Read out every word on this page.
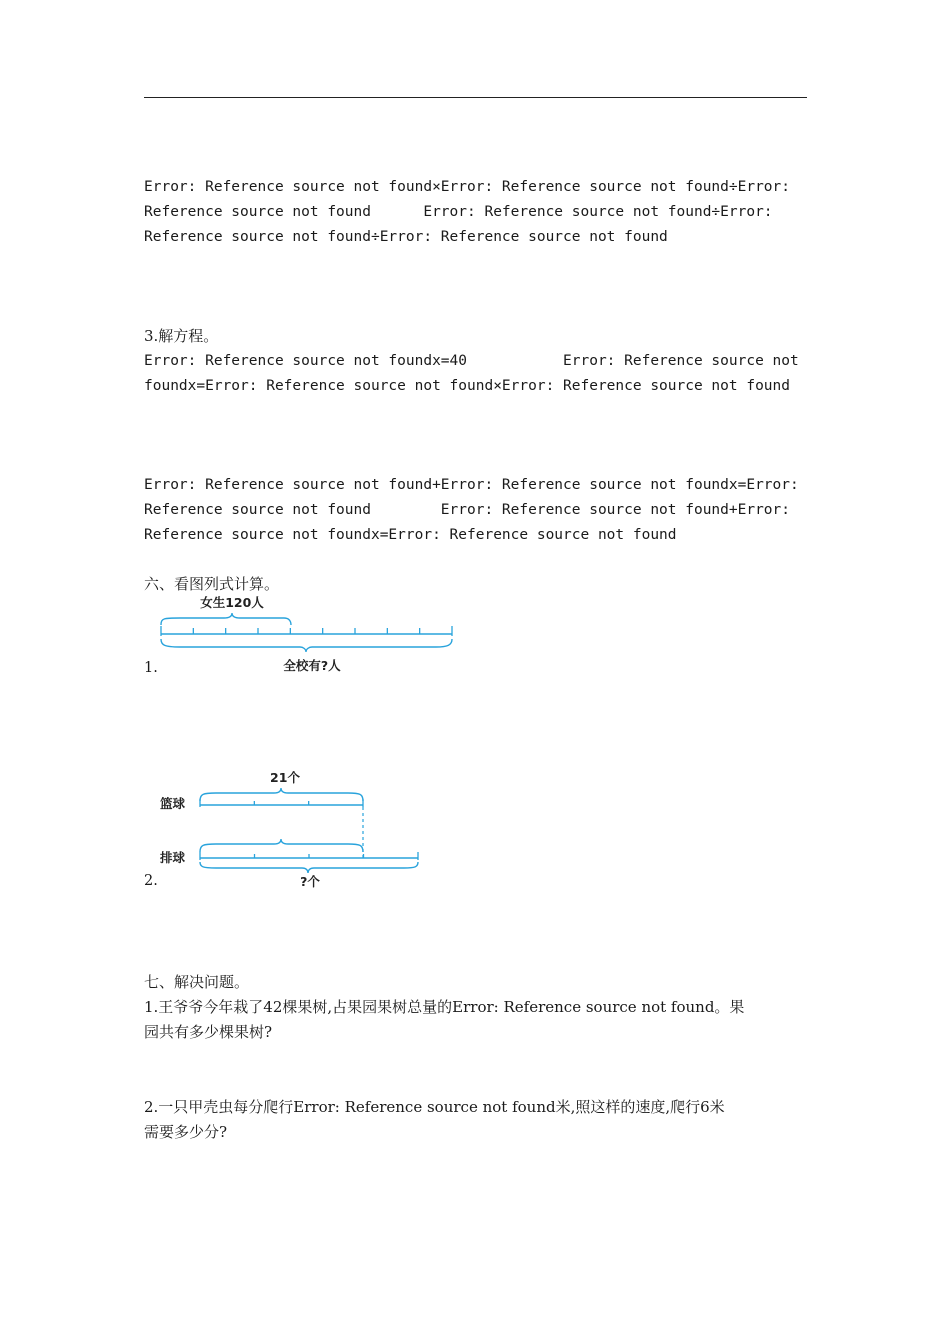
Error: Reference source not found×Error: Reference source not found÷Error:
Reference source not found      Error: Reference source not found÷Error:
Reference source not found÷Error: Reference source not found
3.解方程。
Error: Reference source not foundx=40           Error: Reference source not
foundx=Error: Reference source not found×Error: Reference source not found
Error: Reference source not found+Error: Reference source not foundx=Error:
Reference source not found        Error: Reference source not found+Error:
Reference source not foundx=Error: Reference source not found
六、看图列式计算。
女生120人
全校有?人
1.
21个
篮球
排球
?个
2.
七、解决问题。
1.王爷爷今年栽了42棵果树,占果园果树总量的Error: Reference source not found。果
园共有多少棵果树?
2.一只甲壳虫每分爬行Error: Reference source not found米,照这样的速度,爬行6米
需要多少分?
